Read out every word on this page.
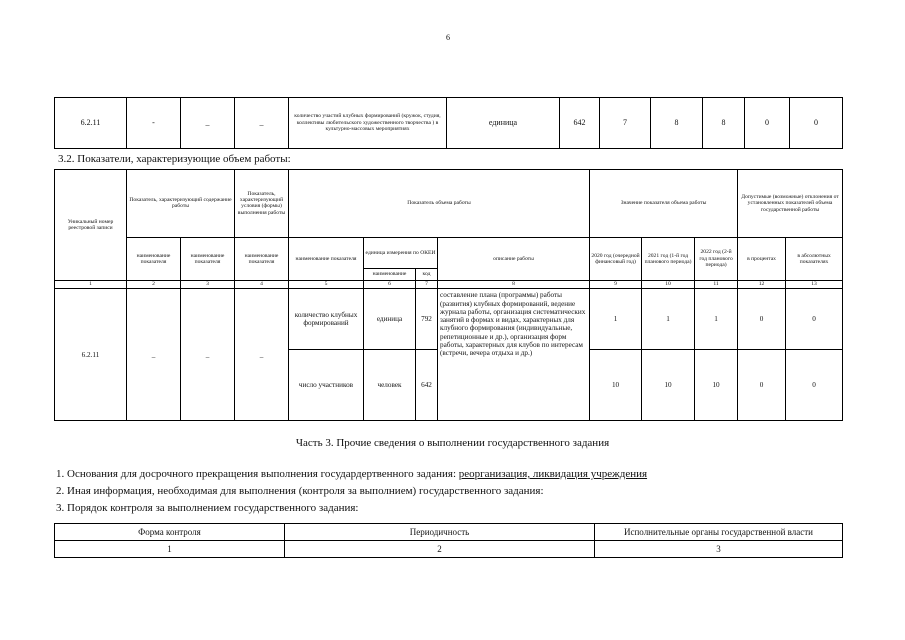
6
6.2.11	-	_	_	количество участий клубных формирований (кружок, студия, коллективы любительского художественного творчества ) в культурно-массовых мероприятиях	единица	642	7	8	8	0	0
3.2. Показатели, характеризующие объем работы:
Уникальный номер реестровой записи	Показатель, характеризующий содержание работы		Показатель, характеризующий условия (формы) выполнения работы	Показатель объема работы				Значение показателя объема работы			Допустимые (возможные) отклонения от установленных показателей объема государственной работы	
	наименование показателя	наименование показателя	наименование показателя	наименование показателя	единица измерения по ОКЕИ		описание работы	2020 год (очередной финансовый год)	2021 год (1-й год планового периода)	2022 год (2-й год планового периода)	в процентах	в абсолютных показателях
					наименование	код						
1	2	3	4	5	6	7	8	9	10	11	12	13
6.2.11	_	_	_	количество клубных формирований	единица	792	составление плана (программы) работы (развития) клубных формирований, ведение журнала работы, организация систематических занятий в формах и видах, характерных для клубного формирования (индивидуальные, репетиционные и др.), организация форм работы, характерных для клубов по интересам (встречи, вечера отдыха и др.)	1	1	1	0	0
				число участников	человек	642		10	10	10	0	0
Часть 3. Прочие сведения о выполнении государственного задания
1. Основания для досрочного прекращения выполнения государдертвенного задания: реорганизация, ликвидация учреждения
2. Иная информация, необходимая для выполнения (контроля за выполнием) государственного задания:
3. Порядок контроля за выполнением государственного задания:
Форма контроля	Периодичность	Исполнительные органы государственной власти
1	2	3
